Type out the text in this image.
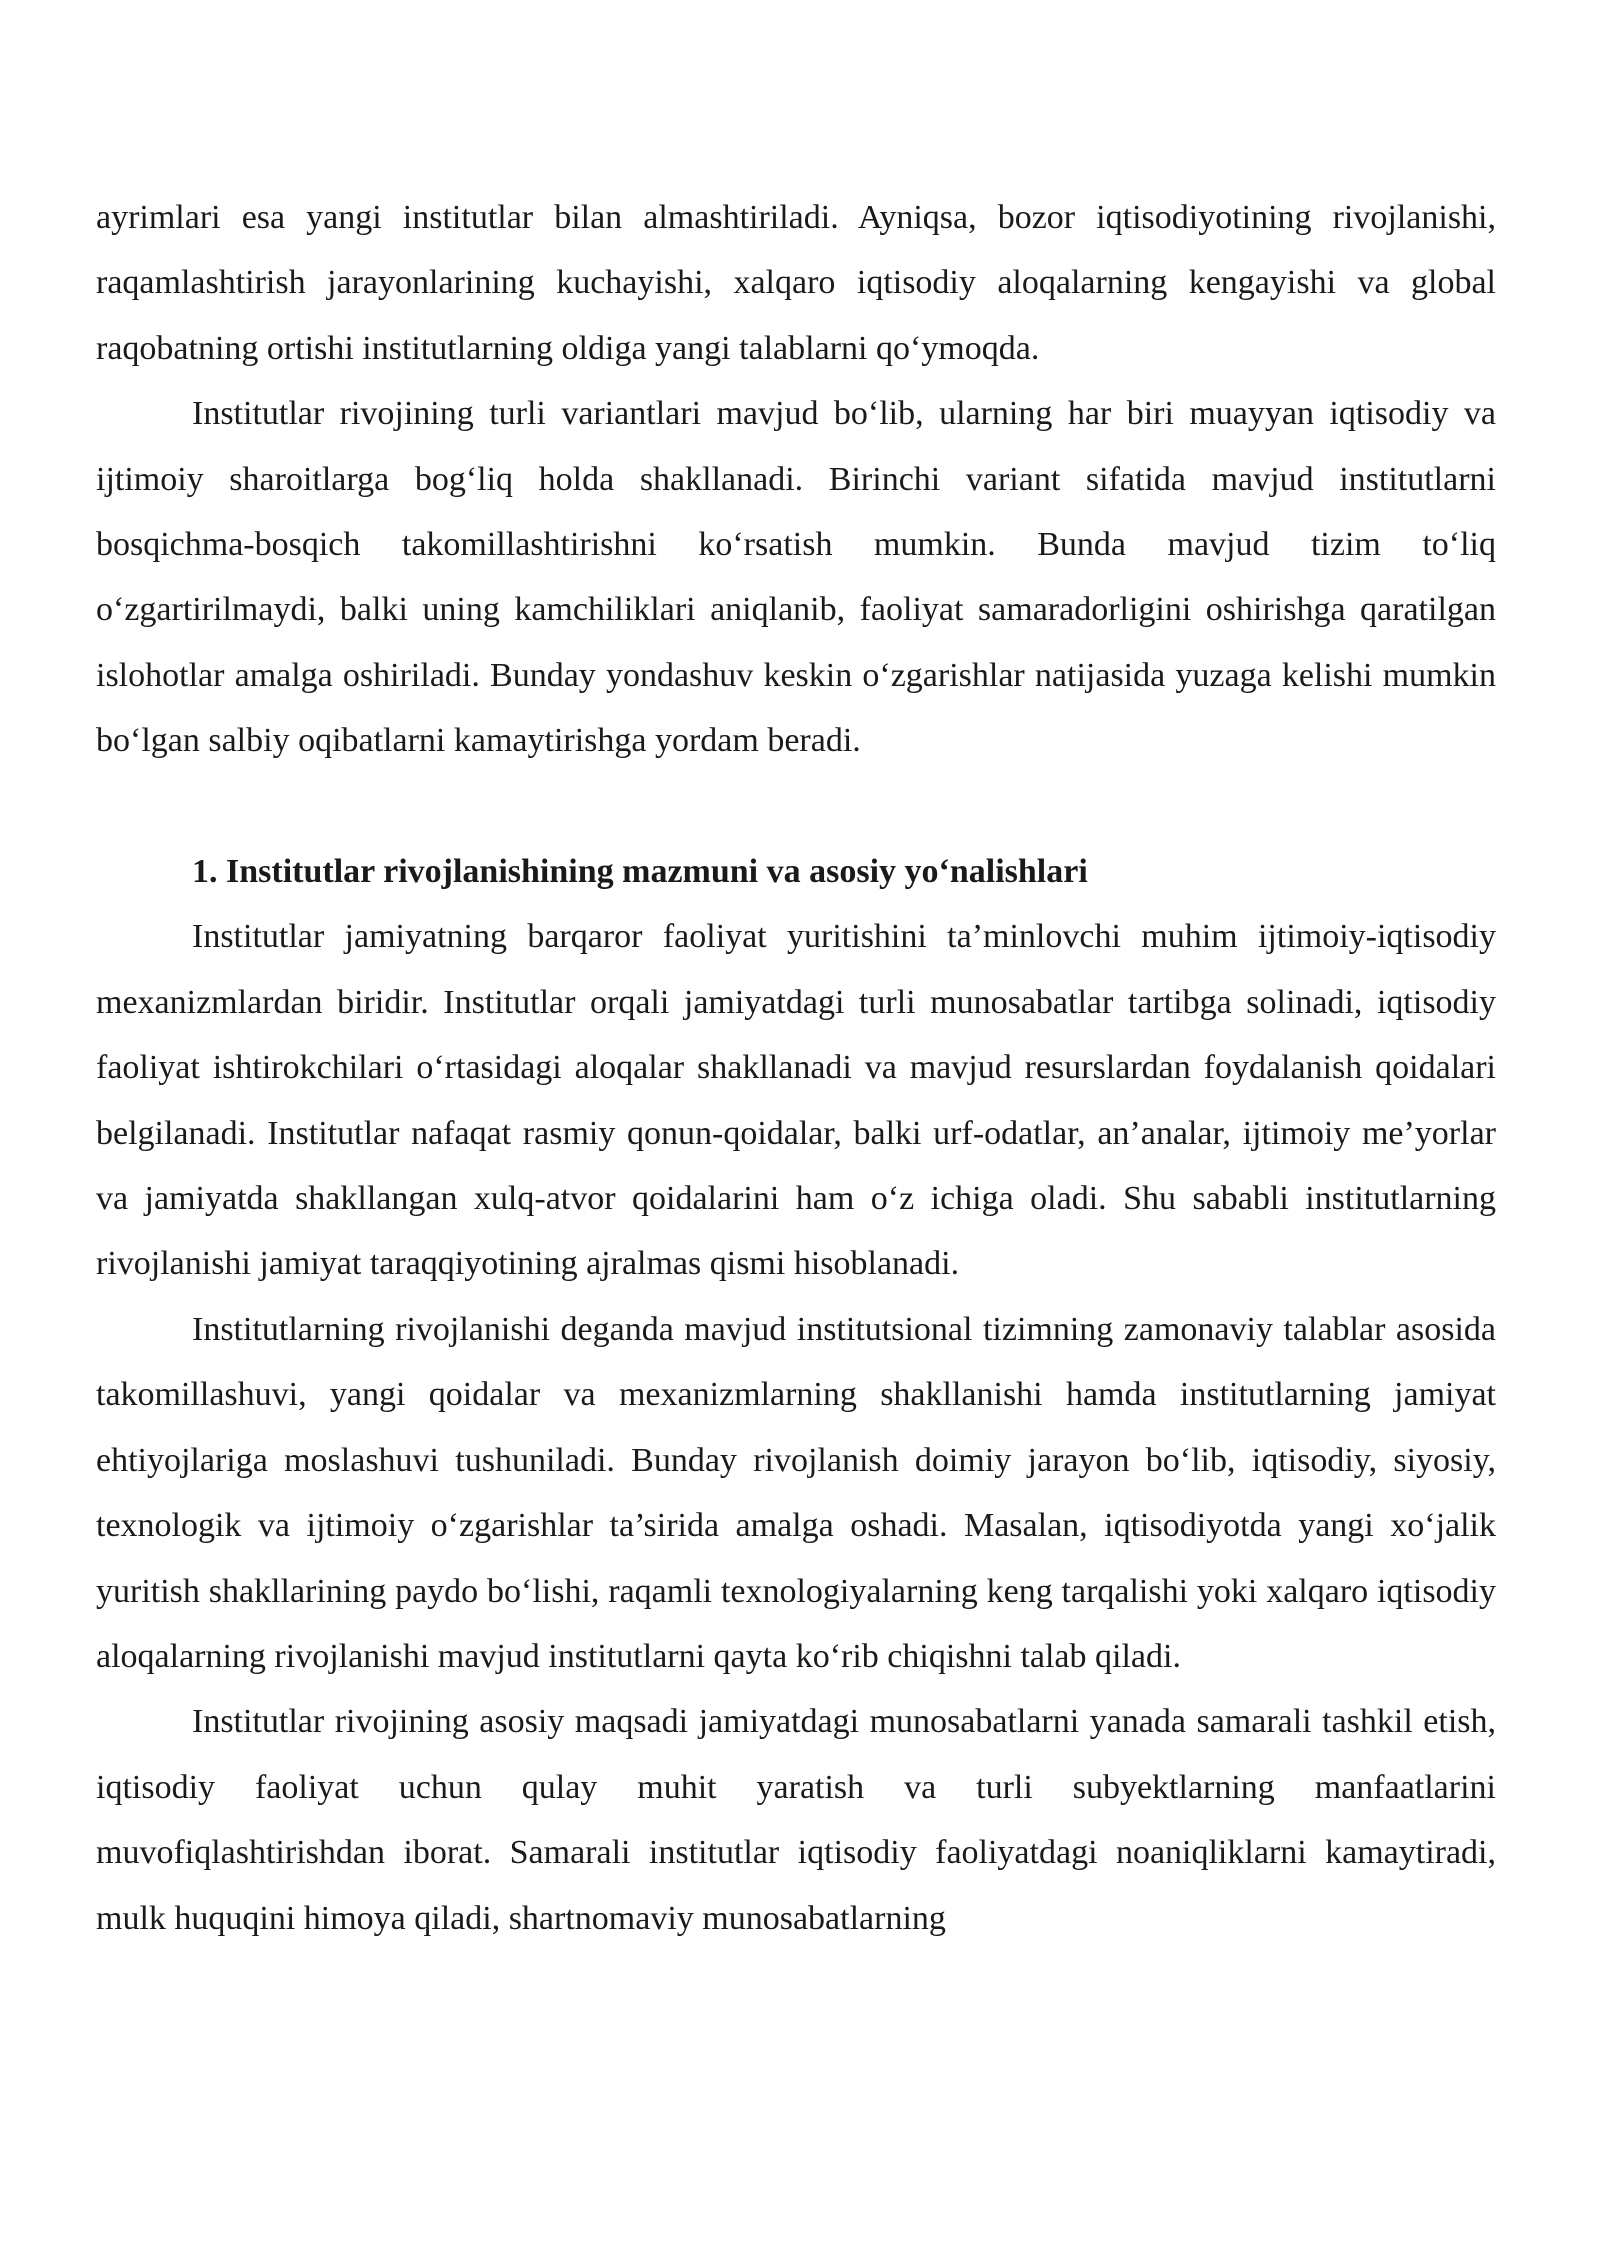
ayrimlari esa yangi institutlar bilan almashtiriladi. Ayniqsa, bozor iqtisodiyotining rivojlanishi, raqamlashtirish jarayonlarining kuchayishi, xalqaro iqtisodiy aloqalarning kengayishi va global raqobatning ortishi institutlarning oldiga yangi talablarni qo‘ymoqda.

Institutlar rivojining turli variantlari mavjud bo‘lib, ularning har biri muayyan iqtisodiy va ijtimoiy sharoitlarga bog‘liq holda shakllanadi. Birinchi variant sifatida mavjud institutlarni bosqichma-bosqich takomillashtirishni ko‘rsatish mumkin. Bunda mavjud tizim to‘liq o‘zgartirilmaydi, balki uning kamchiliklari aniqlanib, faoliyat samaradorligini oshirishga qaratilgan islohotlar amalga oshiriladi. Bunday yondashuv keskin o‘zgarishlar natijasida yuzaga kelishi mumkin bo‘lgan salbiy oqibatlarni kamaytirishga yordam beradi.

1. Institutlar rivojlanishining mazmuni va asosiy yo‘nalishlari

Institutlar jamiyatning barqaror faoliyat yuritishini ta’minlovchi muhim ijtimoiy-iqtisodiy mexanizmlardan biridir. Institutlar orqali jamiyatdagi turli munosabatlar tartibga solinadi, iqtisodiy faoliyat ishtirokchilari o‘rtasidagi aloqalar shakllanadi va mavjud resurslardan foydalanish qoidalari belgilanadi. Institutlar nafaqat rasmiy qonun-qoidalar, balki urf-odatlar, an’analar, ijtimoiy me’yorlar va jamiyatda shakllangan xulq-atvor qoidalarini ham o‘z ichiga oladi. Shu sababli institutlarning rivojlanishi jamiyat taraqqiyotining ajralmas qismi hisoblanadi.

Institutlarning rivojlanishi deganda mavjud institutsional tizimning zamonaviy talablar asosida takomillashuvi, yangi qoidalar va mexanizmlarning shakllanishi hamda institutlarning jamiyat ehtiyojlariga moslashuvi tushuniladi. Bunday rivojlanish doimiy jarayon bo‘lib, iqtisodiy, siyosiy, texnologik va ijtimoiy o‘zgarishlar ta’sirida amalga oshadi. Masalan, iqtisodiyotda yangi xo‘jalik yuritish shakllarining paydo bo‘lishi, raqamli texnologiyalarning keng tarqalishi yoki xalqaro iqtisodiy aloqalarning rivojlanishi mavjud institutlarni qayta ko‘rib chiqishni talab qiladi.

Institutlar rivojining asosiy maqsadi jamiyatdagi munosabatlarni yanada samarali tashkil etish, iqtisodiy faoliyat uchun qulay muhit yaratish va turli subyektlarning manfaatlarini muvofiqlashtirishdan iborat. Samarali institutlar iqtisodiy faoliyatdagi noaniqliklarni kamaytiradi, mulk huquqini himoya qiladi, shartnomaviy munosabatlarning
